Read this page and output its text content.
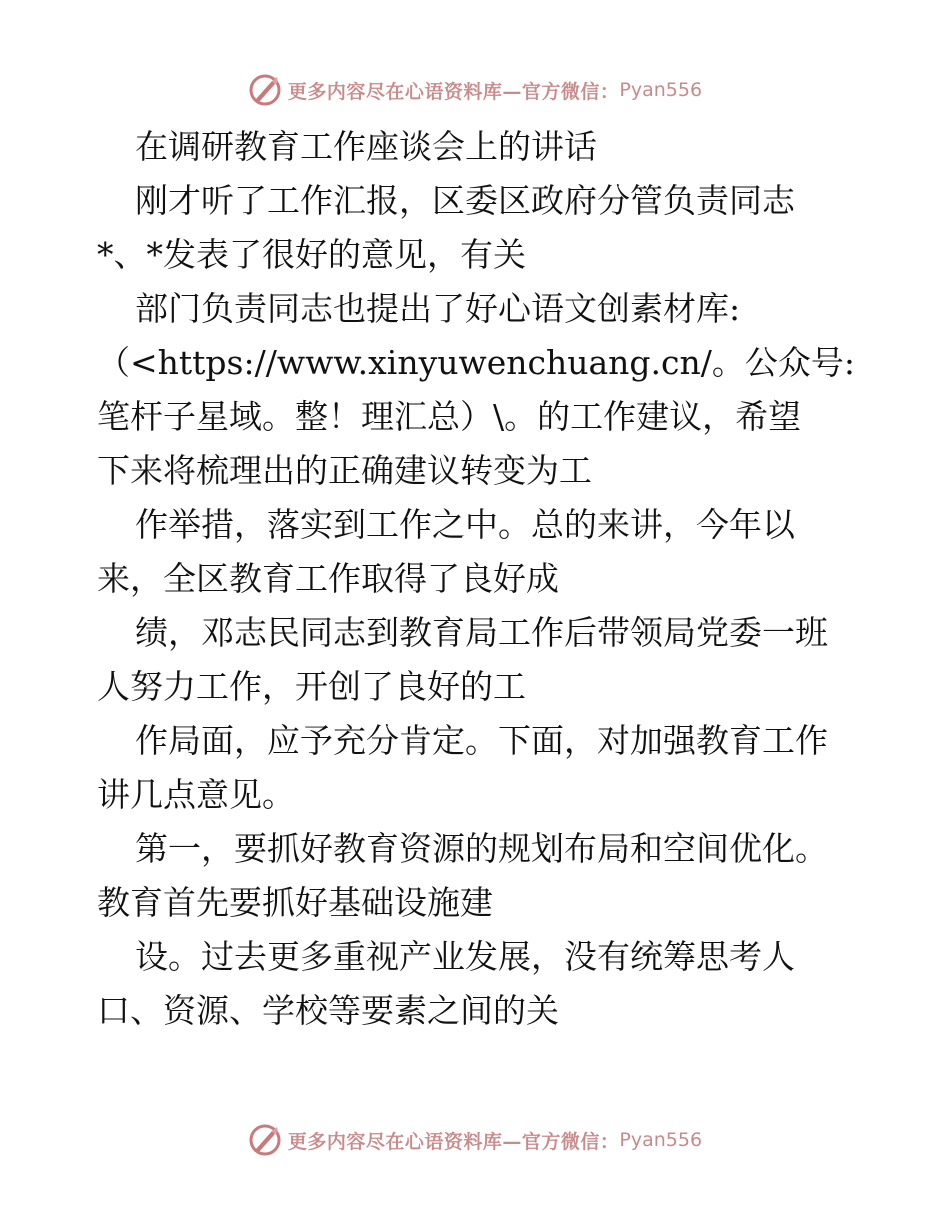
更多内容尽在心语资料库—官方微信： Pyan556
在调研教育工作座谈会上的讲话
刚才听了工作汇报，区委区政府分管负责同志
*、*发表了很好的意见，有关
部门负责同志也提出了好心语文创素材库:
（<https://www.xinyuwenchuang.cn/。公众号:
笔杆子星域。整！理汇总）\。的工作建议，希望
下来将梳理出的正确建议转变为工
作举措，落实到工作之中。总的来讲，今年以
来，全区教育工作取得了良好成
绩，邓志民同志到教育局工作后带领局党委一班
人努力工作，开创了良好的工
作局面，应予充分肯定。下面，对加强教育工作
讲几点意见。
第一，要抓好教育资源的规划布局和空间优化。
教育首先要抓好基础设施建
设。过去更多重视产业发展，没有统筹思考人
口、资源、学校等要素之间的关
更多内容尽在心语资料库—官方微信： Pyan556
